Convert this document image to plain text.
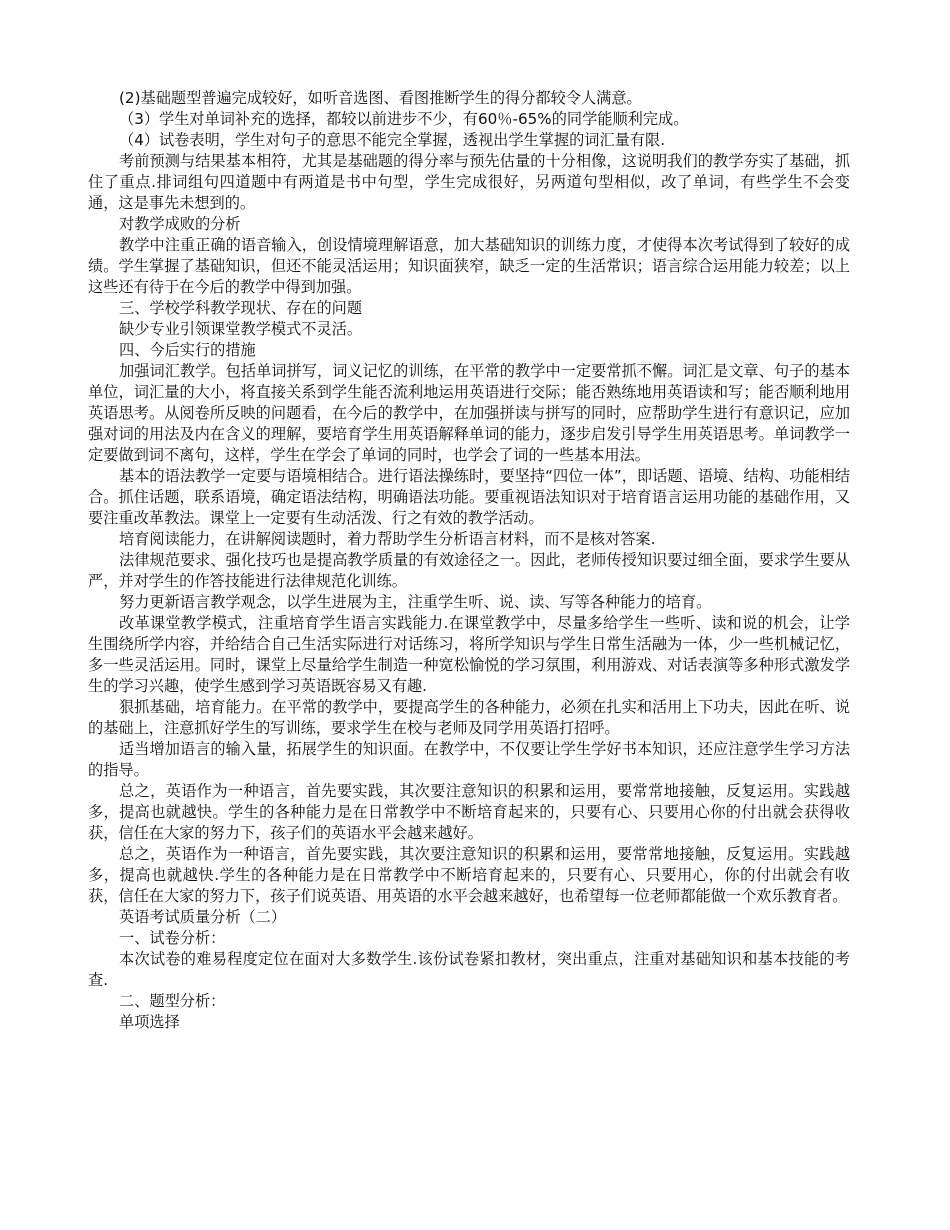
(2)基础题型普遍完成较好，如听音选图、看图推断学生的得分都较令人满意。

（3）学生对单词补充的选择，都较以前进步不少，有60％-65%的同学能顺利完成。

（4）试卷表明，学生对句子的意思不能完全掌握，透视出学生掌握的词汇量有限.

考前预测与结果基本相符，尤其是基础题的得分率与预先估量的十分相像，这说明我们的教学夯实了基础，抓住了重点.排词组句四道题中有两道是书中句型，学生完成很好，另两道句型相似，改了单词，有些学生不会变通，这是事先未想到的。

对教学成败的分析

教学中注重正确的语音输入，创设情境理解语意，加大基础知识的训练力度，才使得本次考试得到了较好的成绩。学生掌握了基础知识，但还不能灵活运用；知识面狭窄，缺乏一定的生活常识；语言综合运用能力较差；以上这些还有待于在今后的教学中得到加强。

三、学校学科教学现状、存在的问题

缺少专业引领课堂教学模式不灵活。

四、今后实行的措施

加强词汇教学。包括单词拼写，词义记忆的训练，在平常的教学中一定要常抓不懈。词汇是文章、句子的基本单位，词汇量的大小，将直接关系到学生能否流利地运用英语进行交际；能否熟练地用英语读和写；能否顺利地用英语思考。从阅卷所反映的问题看，在今后的教学中，在加强拼读与拼写的同时，应帮助学生进行有意识记，应加强对词的用法及内在含义的理解，要培育学生用英语解释单词的能力，逐步启发引导学生用英语思考。单词教学一定要做到词不离句，这样，学生在学会了单词的同时，也学会了词的一些基本用法。

基本的语法教学一定要与语境相结合。进行语法操练时，要坚持“四位一体”，即话题、语境、结构、功能相结合。抓住话题，联系语境，确定语法结构，明确语法功能。要重视语法知识对于培育语言运用功能的基础作用，又要注重改革教法。课堂上一定要有生动活泼、行之有效的教学活动。

培育阅读能力，在讲解阅读题时，着力帮助学生分析语言材料，而不是核对答案.

法律规范要求、强化技巧也是提高教学质量的有效途径之一。因此，老师传授知识要过细全面，要求学生要从严，并对学生的作答技能进行法律规范化训练。

努力更新语言教学观念，以学生进展为主，注重学生听、说、读、写等各种能力的培育。

改革课堂教学模式，注重培育学生语言实践能力.在课堂教学中，尽量多给学生一些听、读和说的机会，让学生围绕所学内容，并给结合自己生活实际进行对话练习，将所学知识与学生日常生活融为一体，少一些机械记忆，多一些灵活运用。同时，课堂上尽量给学生制造一种宽松愉悦的学习氛围，利用游戏、对话表演等多种形式激发学生的学习兴趣，使学生感到学习英语既容易又有趣.

狠抓基础，培育能力。在平常的教学中，要提高学生的各种能力，必须在扎实和活用上下功夫，因此在听、说的基础上，注意抓好学生的写训练，要求学生在校与老师及同学用英语打招呼。

适当增加语言的输入量，拓展学生的知识面。在教学中，不仅要让学生学好书本知识，还应注意学生学习方法的指导。

总之，英语作为一种语言，首先要实践，其次要注意知识的积累和运用，要常常地接触，反复运用。实践越多，提高也就越快。学生的各种能力是在日常教学中不断培育起来的，只要有心、只要用心你的付出就会获得收获，信任在大家的努力下，孩子们的英语水平会越来越好。

总之，英语作为一种语言，首先要实践，其次要注意知识的积累和运用，要常常地接触，反复运用。实践越多，提高也就越快.学生的各种能力是在日常教学中不断培育起来的，只要有心、只要用心，你的付出就会有收获，信任在大家的努力下，孩子们说英语、用英语的水平会越来越好，也希望每一位老师都能做一个欢乐教育者。

英语考试质量分析（二）

一、试卷分析：

本次试卷的难易程度定位在面对大多数学生.该份试卷紧扣教材，突出重点，注重对基础知识和基本技能的考查.

二、题型分析：

单项选择
